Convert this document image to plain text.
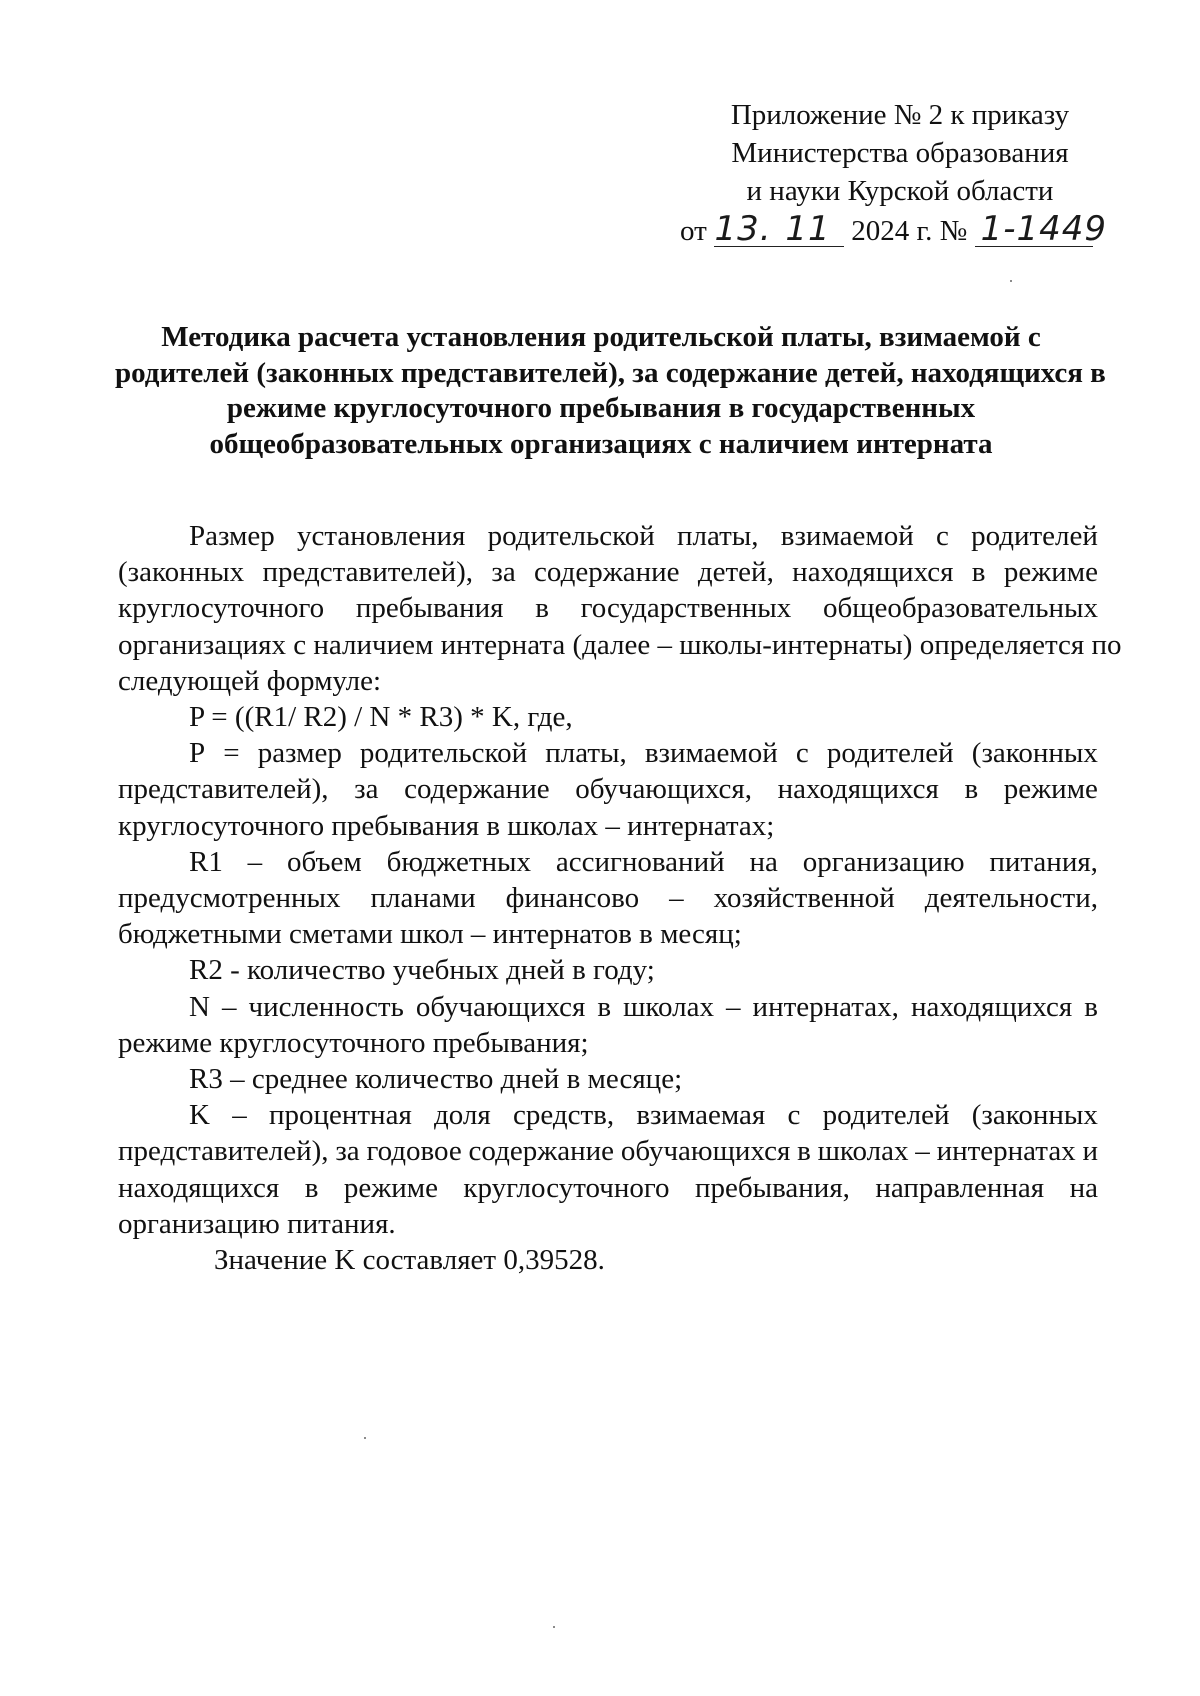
Приложение № 2 к приказу
Министерства образования
и науки Курской области
от 13. 11 2024 г. № 1-1449
Методика расчета установления родительской платы, взимаемой с
родителей (законных представителей), за содержание детей, находящихся в
режиме круглосуточного пребывания в государственных
общеобразовательных организациях с наличием интерната
Размер установления родительской платы, взимаемой с родителей
(законных представителей), за содержание детей, находящихся в режиме
круглосуточного пребывания в государственных общеобразовательных
организациях с наличием интерната (далее – школы-интернаты) определяется по
следующей формуле:
P = ((R1/ R2) / N * R3) * K, где,
P = размер родительской платы, взимаемой с родителей (законных
представителей), за содержание обучающихся, находящихся в режиме
круглосуточного пребывания в школах – интернатах;
R1 – объем бюджетных ассигнований на организацию питания,
предусмотренных планами финансово – хозяйственной деятельности,
бюджетными сметами школ – интернатов в месяц;
R2 - количество учебных дней в году;
N – численность обучающихся в школах – интернатах, находящихся в
режиме круглосуточного пребывания;
R3 – среднее количество дней в месяце;
K – процентная доля средств, взимаемая с родителей (законных
представителей), за годовое содержание обучающихся в школах – интернатах и
находящихся в режиме круглосуточного пребывания, направленная на
организацию питания.
Значение K составляет 0,39528.
